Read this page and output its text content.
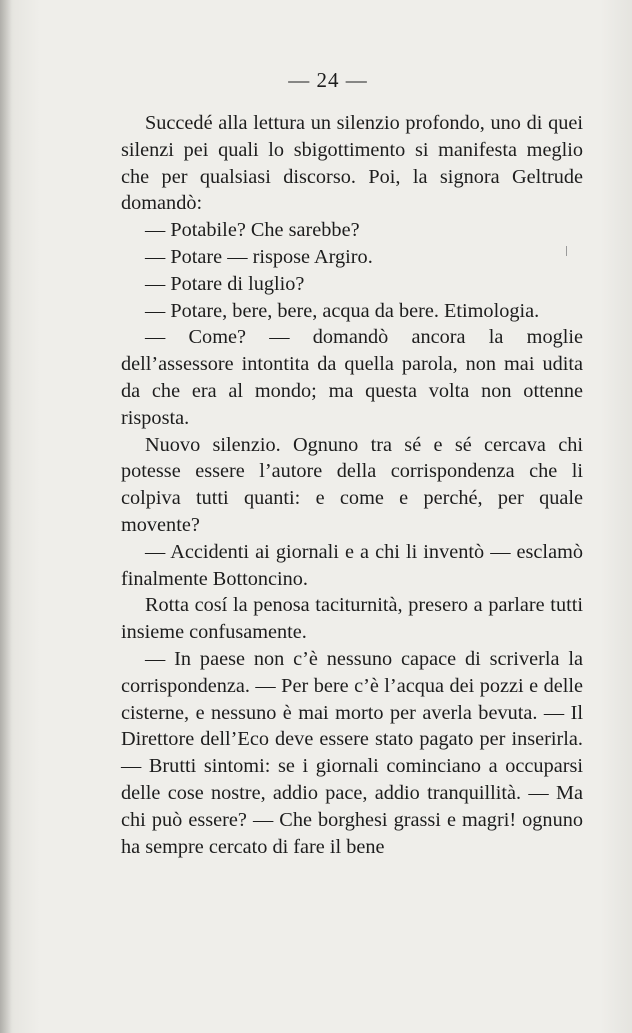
— 24 —

Succedé alla lettura un silenzio profondo, uno di quei silenzi pei quali lo sbigottimento si manifesta meglio che per qualsiasi discorso. Poi, la signora Geltrude domandò:

— Potabile? Che sarebbe?

— Potare — rispose Argiro.

— Potare di luglio?

— Potare, bere, bere, acqua da bere. Etimologia.

— Come? — domandò ancora la moglie dell’assessore intontita da quella parola, non mai udita da che era al mondo; ma questa volta non ottenne risposta.

Nuovo silenzio. Ognuno tra sé e sé cercava chi potesse essere l’autore della corrispondenza che li colpiva tutti quanti: e come e perché, per quale movente?

— Accidenti ai giornali e a chi li inventò — esclamò finalmente Bottoncino.

Rotta cosí la penosa taciturnità, presero a parlare tutti insieme confusamente.

— In paese non c’è nessuno capace di scriverla la corrispondenza. — Per bere c’è l’acqua dei pozzi e delle cisterne, e nessuno è mai morto per averla bevuta. — Il Direttore dell’Eco deve essere stato pagato per inserirla. — Brutti sintomi: se i giornali cominciano a occuparsi delle cose nostre, addio pace, addio tranquillità. — Ma chi può essere? — Che borghesi grassi e magri! ognuno ha sempre cercato di fare il bene
